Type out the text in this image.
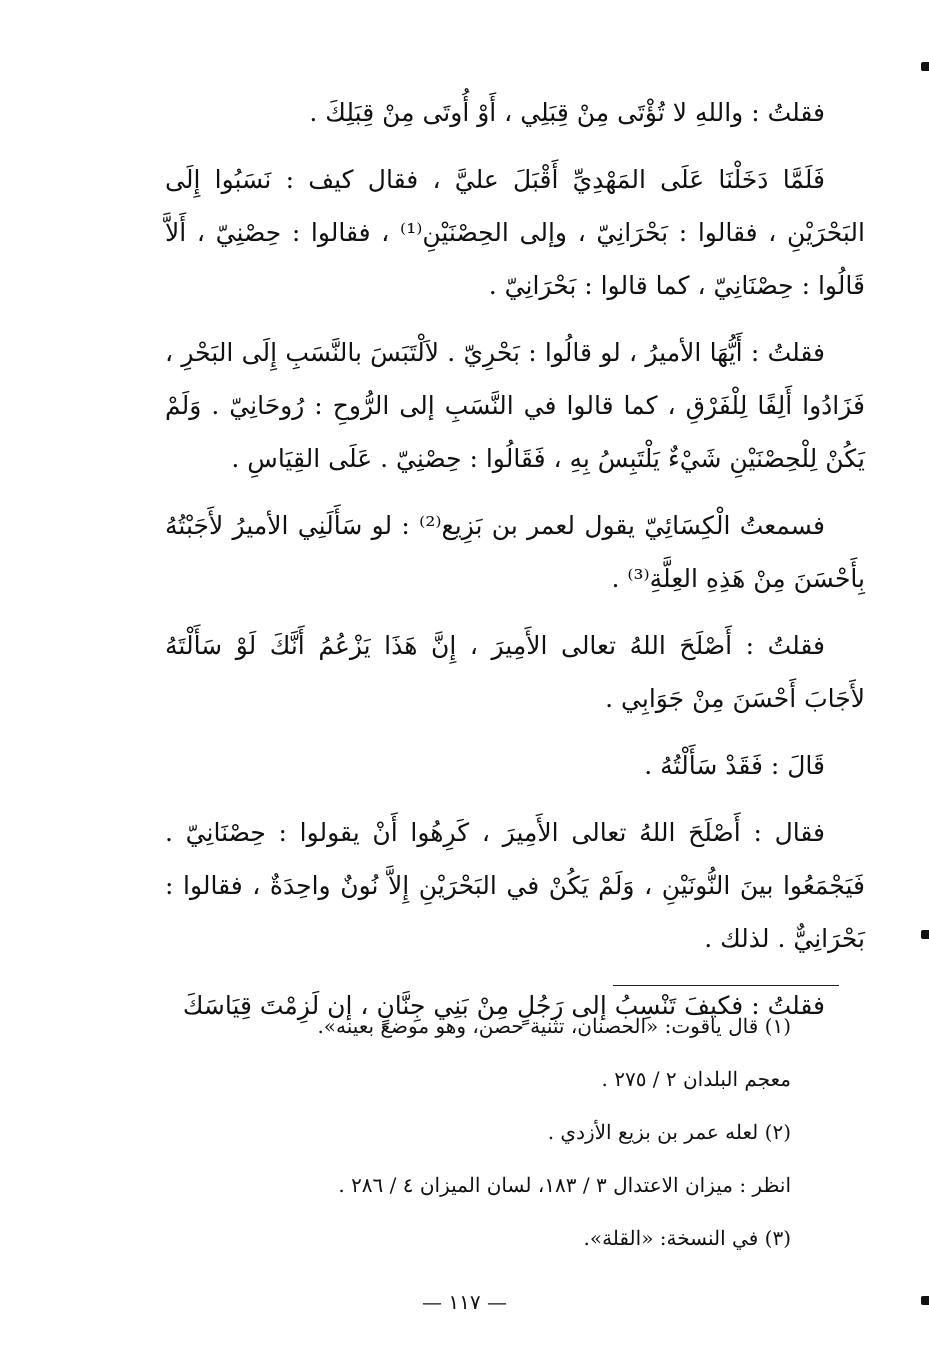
فقلتُ : واللهِ لا تُؤْتَى مِنْ قِبَلِي ، أَوْ أُوتَى مِنْ قِبَلِكَ .

فَلَمَّا دَخَلْنَا عَلَى المَهْدِيِّ أَقْبَلَ عليَّ ، فقال كيف : نَسَبُوا إِلَى البَحْرَيْنِ ، فقالوا : بَحْرَانِيّ ، وإلى الحِصْنَيْنِ⁽¹⁾ ، فقالوا : حِصْنِيّ ، أَلاَّ قَالُوا : حِصْنَانِيّ ، كما قالوا : بَحْرَانِيّ .

فقلتُ : أَيُّهَا الأميرُ ، لو قالُوا : بَحْرِيّ . لاَلْتَبَسَ بالنَّسَبِ إِلَى البَحْرِ ، فَزَادُوا أَلِفًا لِلْفَرْقِ ، كما قالوا في النَّسَبِ إلى الرُّوحِ : رُوحَانِيّ . وَلَمْ يَكُنْ لِلْحِصْنَيْنِ شَيْءٌ يَلْتَبِسُ بِهِ ، فَقَالُوا : حِصْنِيّ . عَلَى القِيَاسِ .

فسمعتُ الْكِسَائِيّ يقول لعمر بن بَزِيع⁽²⁾ : لو سَأَلَنِي الأميرُ لأَجَبْتُهُ بِأَحْسَنَ مِنْ هَذِهِ العِلَّةِ⁽³⁾ .

فقلتُ : أَصْلَحَ اللهُ تعالى الأَمِيرَ ، إِنَّ هَذَا يَزْعُمُ أَنَّكَ لَوْ سَأَلْتَهُ لأَجَابَ أَحْسَنَ مِنْ جَوَابِي .

قَالَ : فَقَدْ سَأَلْتُهُ .

فقال : أَصْلَحَ اللهُ تعالى الأَمِيرَ ، كَرِهُوا أَنْ يقولوا : حِصْنَانِيّ . فَيَجْمَعُوا بينَ النُّونَيْنِ ، وَلَمْ يَكُنْ في البَحْرَيْنِ إِلاَّ نُونٌ واحِدَةٌ ، فقالوا : بَحْرَانِيٌّ . لذلك .

فقلتُ : فكيفَ تَنْسِبُ إلى رَجُلٍ مِنْ بَنِي جِنَّانٍ ، إن لَزِمْتَ قِيَاسَكَ

(١) قال ياقوت: «الحصنان، تثنية حصن، وهو موضع بعينه».

معجم البلدان ٢ / ٢٧٥ .

(٢) لعله عمر بن بزيع الأزدي .

انظر : ميزان الاعتدال ٣ / ١٨٣، لسان الميزان ٤ / ٢٨٦ .

(٣) في النسخة: «القلة».

— ١١٧ —
